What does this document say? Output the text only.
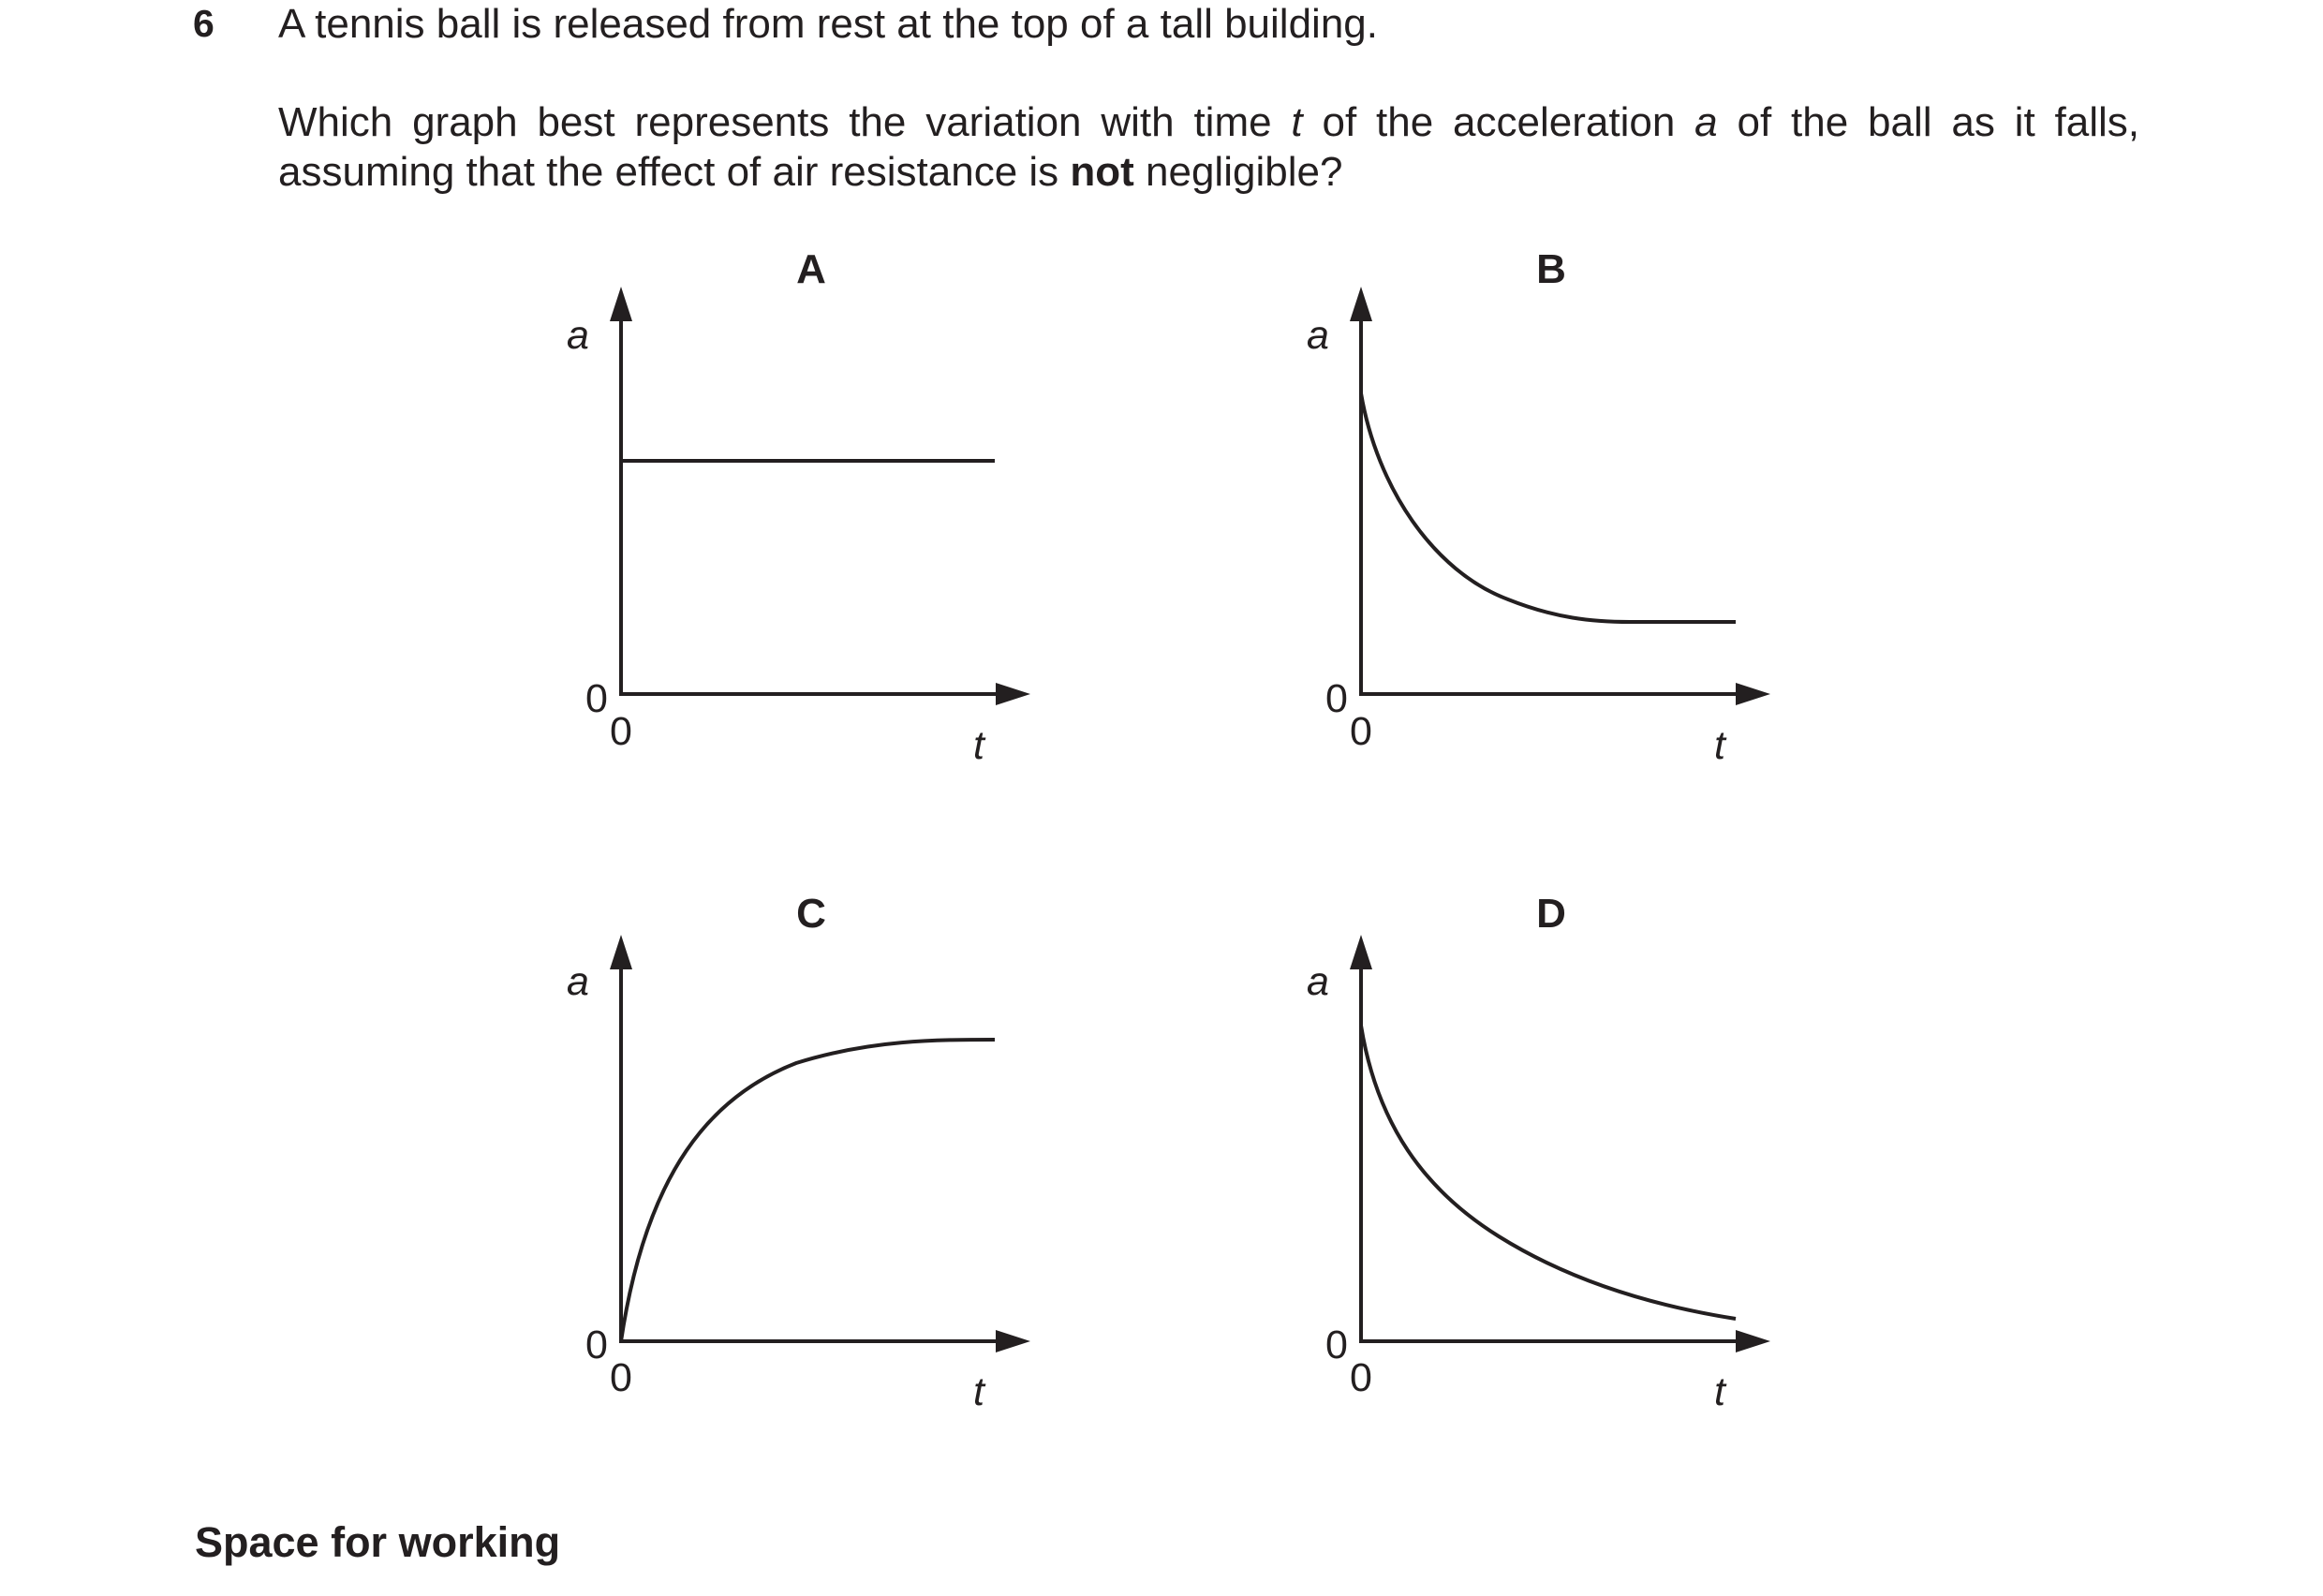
6 A tennis ball is released from rest at the top of a tall building.
Which graph best represents the variation with time t of the acceleration a of the ball as it falls, assuming that the effect of air resistance is not negligible?
A
a
t
0
0
B
a
t
0
0
C
a
t
0
0
D
a
t
0
0
Space for working
